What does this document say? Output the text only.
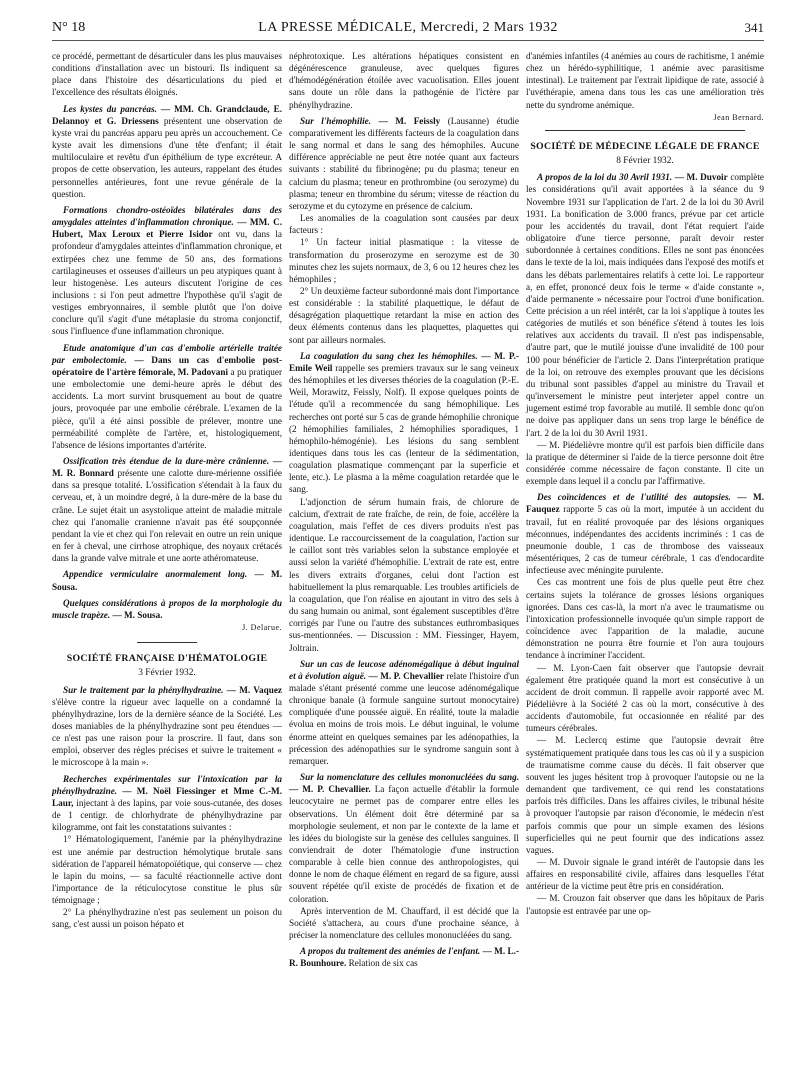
N° 18	LA PRESSE MÉDICALE, Mercredi, 2 Mars 1932	341

ce procédé, permettant de désarticuler dans les plus mauvaises conditions d'installation avec un bistouri. Ils indiquent sa place dans l'histoire des désarticulations du pied et l'excellence des résultats éloignés.

Les kystes du pancréas. — MM. Ch. Grandclaude, E. Delannoy et G. Driessens présentent une observation de kyste vrai du pancréas apparu peu après un accouchement. Ce kyste avait les dimensions d'une tête d'enfant; il était multiloculaire et revêtu d'un épithélium de type excréteur. A propos de cette observation, les auteurs, rappelant des études personnelles antérieures, font une revue générale de la question.

Formations chondro-ostéoïdes bilatérales dans des amygdales atteintes d'inflammation chronique. — MM. C. Hubert, Max Leroux et Pierre Isidor ont vu, dans la profondeur d'amygdales atteintes d'inflammation chronique, et extirpées chez une femme de 50 ans, des formations cartilagineuses et osseuses d'ailleurs un peu atypiques quant à leur histogenèse. Les auteurs discutent l'origine de ces inclusions : si l'on peut admettre l'hypothèse qu'il s'agit de vestiges embryonnaires, il semble plutôt que l'on doive conclure qu'il s'agit d'une métaplasie du stroma conjonctif, sous l'influence d'une inflammation chronique.

Etude anatomique d'un cas d'embolie artérielle traitée par embolectomie. — Dans un cas d'embolie post-opératoire de l'artère fémorale, M. Padovani a pu pratiquer une embolectomie une demi-heure après le début des accidents. La mort survint brusquement au bout de quatre jours, provoquée par une embolie cérébrale. L'examen de la pièce, qu'il a été ainsi possible de prélever, montre une perméabilité complète de l'artère, et, histologiquement, l'absence de lésions importantes d'artérite.

Ossification très étendue de la dure-mère crânienne. — M. R. Bonnard présente une calotte dure-mérienne ossifiée dans sa presque totalité. L'ossification s'étendait à la faux du cerveau, et, à un moindre degré, à la dure-mère de la base du crâne. Le sujet était un asystolique atteint de maladie mitrale chez qui l'anomalie cranienne n'avait pas été soupçonnée pendant la vie et chez qui l'on relevait en outre un rein unique en fer à cheval, une cirrhose atrophique, des noyaux crétacés dans la grande valve mitrale et une aorte athéromateuse.

Appendice vermiculaire anormalement long. — M. Sousa.

Quelques considérations à propos de la morphologie du muscle trapèze. — M. Sousa.

J. Delarue.

SOCIÉTÉ FRANÇAISE D'HÉMATOLOGIE
3 Février 1932.

Sur le traitement par la phénylhydrazine. — M. Vaquez s'élève contre la rigueur avec laquelle on a condamné la phénylhydrazine, lors de la dernière séance de la Société. Les doses maniables de la phénylhydrazine sont peu étendues — ce n'est pas une raison pour la proscrire. Il faut, dans son emploi, observer des règles précises et suivre le traitement « le microscope à la main ».

Recherches expérimentales sur l'intoxication par la phénylhydrazine. — M. Noël Fiessinger et Mme C.-M. Laur, injectant à des lapins, par voie sous-cutanée, des doses de 1 centigr. de chlorhydrate de phénylhydrazine par kilogramme, ont fait les constatations suivantes :

1° Hématologiquement, l'anémie par la phénylhydrazine est une anémie par destruction hémolytique brutale sans sidération de l'appareil hématopoïétique, qui conserve — chez le lapin du moins, — sa faculté réactionnelle active dont l'importance de la réticulocytose constitue le plus sûr témoignage ;

2° La phénylhydrazine n'est pas seulement un poison du sang, c'est aussi un poison hépato et

néphrotoxique. Les altérations hépatiques consistent en dégénérescence granuleuse, avec quelques figures d'hémodégénération étoilée avec vacuolisation. Elles jouent sans doute un rôle dans la pathogénie de l'ictère par phénylhydrazine.

Sur l'hémophilie. — M. Feissly (Lausanne) étudie comparativement les différents facteurs de la coagulation dans le sang normal et dans le sang des hémophiles. Aucune différence appréciable ne peut être notée quant aux facteurs suivants : stabilité du fibrinogène; pu du plasma; teneur en calcium du plasma; teneur en prothrombine (ou serozyme) du plasma; teneur en thrombine du sérum; vitesse de réaction du serozyme et du cytozyme en présence de calcium.

Les anomalies de la coagulation sont causées par deux facteurs :

1° Un facteur initial plasmatique : la vitesse de transformation du proserozyme en serozyme est de 30 minutes chez les sujets normaux, de 3, 6 ou 12 heures chez les hémophiles ;

2° Un deuxième facteur subordonné mais dont l'importance est considérable : la stabilité plaquettique, le défaut de désagrégation plaquettique retardant la mise en action des deux éléments contenus dans les plaquettes, plaquettes qui sont par ailleurs normales.

La coagulation du sang chez les hémophiles. — M. P.-Emile Weil rappelle ses premiers travaux sur le sang veineux des hémophiles et les diverses théories de la coagulation (P.-E. Weil, Morawitz, Feissly, Nolf). Il expose quelques points de l'étude qu'il a recommencée du sang hémophilique. Les recherches ont porté sur 5 cas de grande hémophilie chronique (2 hémophilies familiales, 2 hémophilies sporadiques, 1 hémophilo-hémogénie). Les lésions du sang semblent identiques dans tous les cas (lenteur de la sédimentation, coagulation plasmatique commençant par la superficie et lente, etc.). Le plasma a la même coagulation retardée que le sang.

L'adjonction de sérum humain frais, de chlorure de calcium, d'extrait de rate fraîche, de rein, de foie, accélère la coagulation, mais l'effet de ces divers produits n'est pas identique. Le raccourcissement de la coagulation, l'action sur le caillot sont très variables selon la substance employée et aussi selon la variété d'hémophilie. L'extrait de rate est, entre les divers extraits d'organes, celui dont l'action est habituellement la plus remarquable. Les troubles artificiels de la coagulation, que l'on réalise en ajoutant in vitro des sels à du sang humain ou animal, sont également susceptibles d'être corrigés par l'une ou l'autre des substances euthrombasiques sus-mentionnées. — Discussion : MM. Fiessinger, Hayem, Joltrain.

Sur un cas de leucose adénomégalique à début inguinal et à évolution aiguë. — M. P. Chevallier relate l'histoire d'un malade s'étant présenté comme une leucose adénomégalique chronique banale (à formule sanguine surtout monocytaire) compliquée d'une poussée aiguë. En réalité, toute la maladie évolua en moins de trois mois. Le début inguinal, le volume énorme atteint en quelques semaines par les adénopathies, la précession des adénopathies sur le syndrome sanguin sont à remarquer.

Sur la nomenclature des cellules mononucléées du sang. — M. P. Chevallier. La façon actuelle d'établir la formule leucocytaire ne permet pas de comparer entre elles les observations. Un élément doit être déterminé par sa morphologie seulement, et non par le contexte de la lame et les idées du biologiste sur la genèse des cellules sanguines. Il conviendrait de doter l'hématologie d'une instruction comparable à celle bien connue des anthropologistes, qui donne le nom de chaque élément en regard de sa figure, aussi souvent répétée qu'il existe de procédés de fixation et de coloration.

Après intervention de M. Chauffard, il est décidé que la Société s'attachera, au cours d'une prochaine séance, à préciser la nomenclature des cellules mononucléées du sang.

A propos du traitement des anémies de l'enfant. — M. L.-R. Bounhoure. Relation de six cas

d'anémies infantiles (4 anémies au cours de rachitisme, 1 anémie chez un hérédo-syphilitique, 1 anémie avec parasitisme intestinal). Le traitement par l'extrait lipidique de rate, associé à l'uvéthérapie, amena dans tous les cas une amélioration très nette du syndrome anémique.

Jean Bernard.

SOCIÉTÉ DE MÉDECINE LÉGALE DE FRANCE
8 Février 1932.

A propos de la loi du 30 Avril 1931. — M. Duvoir complète les considérations qu'il avait apportées à la séance du 9 Novembre 1931 sur l'application de l'art. 2 de la loi du 30 Avril 1931. La bonification de 3.000 francs, prévue par cet article pour les accidentés du travail, dont l'état requiert l'aide obligatoire d'une tierce personne, paraît devoir rester subordonnée à certaines conditions. Elles ne sont pas énoncées dans le texte de la loi, mais indiquées dans l'exposé des motifs et dans les débats parlementaires relatifs à cette loi. Le rapporteur a, en effet, prononcé deux fois le terme « d'aide constante », d'aide permanente » nécessaire pour l'octroi d'une bonification. Cette précision a un réel intérêt, car la loi s'applique à toutes les catégories de mutilés et son bénéfice s'étend à toutes les lois relatives aux accidents du travail. Il n'est pas indispensable, d'autre part, que le mutilé jouisse d'une invalidité de 100 pour 100 pour bénéficier de l'article 2. Dans l'interprétation pratique de la loi, on retrouve des exemples prouvant que les décisions du tribunal sont passibles d'appel au ministre du Travail et qu'inversement le ministre peut interjeter appel contre un jugement estimé trop favorable au mutilé. Il semble donc qu'on ne doive pas appliquer dans un sens trop large le bénéfice de l'art. 2 de la loi du 30 Avril 1931.

— M. Piédelièvre montre qu'il est parfois bien difficile dans la pratique de déterminer si l'aide de la tierce personne doit être considérée comme nécessaire de façon constante. Il cite un exemple dans lequel il a conclu par l'affirmative.

Des coïncidences et de l'utilité des autopsies. — M. Fauquez rapporte 5 cas où la mort, imputée à un accident du travail, fut en réalité provoquée par des lésions organiques méconnues, indépendantes des accidents incriminés : 1 cas de pneumonie double, 1 cas de thrombose des vaisseaux mésentériques, 2 cas de tumeur cérébrale, 1 cas d'endocardite infectieuse avec méningite purulente.

Ces cas montrent une fois de plus quelle peut être chez certains sujets la tolérance de grosses lésions organiques ignorées. Dans ces cas-là, la mort n'a avec le traumatisme ou l'intoxication professionnelle invoquée qu'un simple rapport de coïncidence avec l'apparition de la maladie, aucune démonstration ne pourra être fournie et l'on aura toujours tendance à incriminer l'accident.

— M. Lyon-Caen fait observer que l'autopsie devrait également être pratiquée quand la mort est consécutive à un accident de droit commun. Il rappelle avoir rapporté avec M. Piédelièvre à la Société 2 cas où la mort, consécutive à des accidents d'automobile, fut occasionnée en réalité par des tumeurs cérébrales.

— M. Leclercq estime que l'autopsie devrait être systématiquement pratiquée dans tous les cas où il y a suspicion de traumatisme comme cause du décès. Il fait observer que souvent les juges hésitent trop à provoquer l'autopsie ou ne la demandent que tardivement, ce qui rend les constatations parfois très difficiles. Dans les affaires civiles, le tribunal hésite à provoquer l'autopsie par raison d'économie, le médecin n'est parfois commis que pour un simple examen des lésions superficielles qui ne peut fournir que des indications assez vagues.

— M. Duvoir signale le grand intérêt de l'autopsie dans les affaires en responsabilité civile, affaires dans lesquelles l'état antérieur de la victime peut être pris en considération.

— M. Crouzon fait observer que dans les hôpitaux de Paris l'autopsie est entravée par une op-
